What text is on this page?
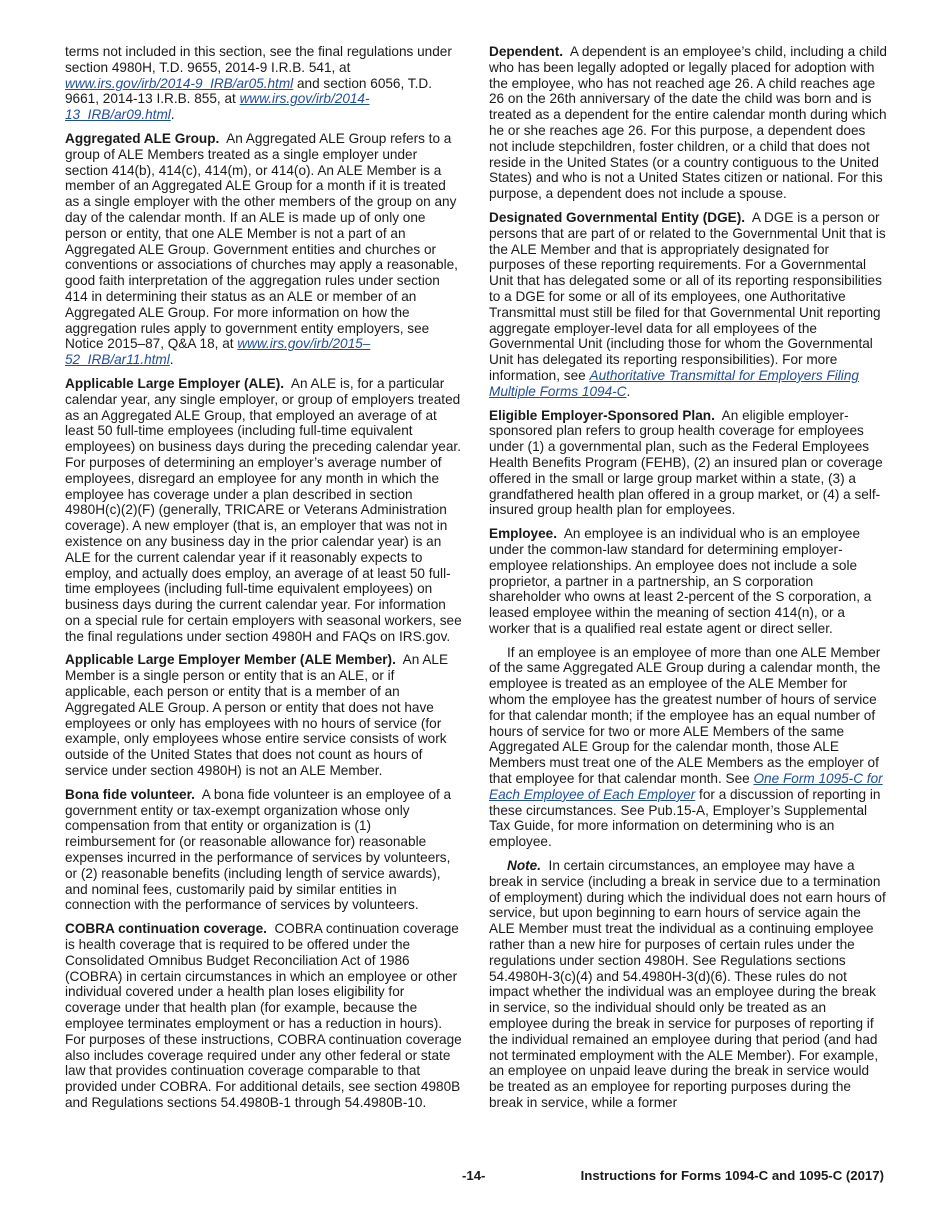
terms not included in this section, see the final regulations under section 4980H, T.D. 9655, 2014-9 I.R.B. 541, at www.irs.gov/irb/2014-9_IRB/ar05.html and section 6056, T.D. 9661, 2014-13 I.R.B. 855, at www.irs.gov/irb/2014-13_IRB/ar09.html.

Aggregated ALE Group. An Aggregated ALE Group refers to a group of ALE Members treated as a single employer under section 414(b), 414(c), 414(m), or 414(o). An ALE Member is a member of an Aggregated ALE Group for a month if it is treated as a single employer with the other members of the group on any day of the calendar month. If an ALE is made up of only one person or entity, that one ALE Member is not a part of an Aggregated ALE Group. Government entities and churches or conventions or associations of churches may apply a reasonable, good faith interpretation of the aggregation rules under section 414 in determining their status as an ALE or member of an Aggregated ALE Group. For more information on how the aggregation rules apply to government entity employers, see Notice 2015–87, Q&A 18, at www.irs.gov/irb/2015–52_IRB/ar11.html.

Applicable Large Employer (ALE). An ALE is, for a particular calendar year, any single employer, or group of employers treated as an Aggregated ALE Group, that employed an average of at least 50 full-time employees (including full-time equivalent employees) on business days during the preceding calendar year. For purposes of determining an employer’s average number of employees, disregard an employee for any month in which the employee has coverage under a plan described in section 4980H(c)(2)(F) (generally, TRICARE or Veterans Administration coverage). A new employer (that is, an employer that was not in existence on any business day in the prior calendar year) is an ALE for the current calendar year if it reasonably expects to employ, and actually does employ, an average of at least 50 full-time employees (including full-time equivalent employees) on business days during the current calendar year. For information on a special rule for certain employers with seasonal workers, see the final regulations under section 4980H and FAQs on IRS.gov.

Applicable Large Employer Member (ALE Member). An ALE Member is a single person or entity that is an ALE, or if applicable, each person or entity that is a member of an Aggregated ALE Group. A person or entity that does not have employees or only has employees with no hours of service (for example, only employees whose entire service consists of work outside of the United States that does not count as hours of service under section 4980H) is not an ALE Member.

Bona fide volunteer. A bona fide volunteer is an employee of a government entity or tax-exempt organization whose only compensation from that entity or organization is (1) reimbursement for (or reasonable allowance for) reasonable expenses incurred in the performance of services by volunteers, or (2) reasonable benefits (including length of service awards), and nominal fees, customarily paid by similar entities in connection with the performance of services by volunteers.

COBRA continuation coverage. COBRA continuation coverage is health coverage that is required to be offered under the Consolidated Omnibus Budget Reconciliation Act of 1986 (COBRA) in certain circumstances in which an employee or other individual covered under a health plan loses eligibility for coverage under that health plan (for example, because the employee terminates employment or has a reduction in hours). For purposes of these instructions, COBRA continuation coverage also includes coverage required under any other federal or state law that provides continuation coverage comparable to that provided under COBRA. For additional details, see section 4980B and Regulations sections 54.4980B-1 through 54.4980B-10.

Dependent. A dependent is an employee’s child, including a child who has been legally adopted or legally placed for adoption with the employee, who has not reached age 26. A child reaches age 26 on the 26th anniversary of the date the child was born and is treated as a dependent for the entire calendar month during which he or she reaches age 26. For this purpose, a dependent does not include stepchildren, foster children, or a child that does not reside in the United States (or a country contiguous to the United States) and who is not a United States citizen or national. For this purpose, a dependent does not include a spouse.

Designated Governmental Entity (DGE). A DGE is a person or persons that are part of or related to the Governmental Unit that is the ALE Member and that is appropriately designated for purposes of these reporting requirements. For a Governmental Unit that has delegated some or all of its reporting responsibilities to a DGE for some or all of its employees, one Authoritative Transmittal must still be filed for that Governmental Unit reporting aggregate employer-level data for all employees of the Governmental Unit (including those for whom the Governmental Unit has delegated its reporting responsibilities). For more information, see Authoritative Transmittal for Employers Filing Multiple Forms 1094-C.

Eligible Employer-Sponsored Plan. An eligible employer-sponsored plan refers to group health coverage for employees under (1) a governmental plan, such as the Federal Employees Health Benefits Program (FEHB), (2) an insured plan or coverage offered in the small or large group market within a state, (3) a grandfathered health plan offered in a group market, or (4) a self-insured group health plan for employees.

Employee. An employee is an individual who is an employee under the common-law standard for determining employer-employee relationships. An employee does not include a sole proprietor, a partner in a partnership, an S corporation shareholder who owns at least 2-percent of the S corporation, a leased employee within the meaning of section 414(n), or a worker that is a qualified real estate agent or direct seller.

If an employee is an employee of more than one ALE Member of the same Aggregated ALE Group during a calendar month, the employee is treated as an employee of the ALE Member for whom the employee has the greatest number of hours of service for that calendar month; if the employee has an equal number of hours of service for two or more ALE Members of the same Aggregated ALE Group for the calendar month, those ALE Members must treat one of the ALE Members as the employer of that employee for that calendar month. See One Form 1095-C for Each Employee of Each Employer for a discussion of reporting in these circumstances. See Pub.15-A, Employer’s Supplemental Tax Guide, for more information on determining who is an employee.

Note. In certain circumstances, an employee may have a break in service (including a break in service due to a termination of employment) during which the individual does not earn hours of service, but upon beginning to earn hours of service again the ALE Member must treat the individual as a continuing employee rather than a new hire for purposes of certain rules under the regulations under section 4980H. See Regulations sections 54.4980H-3(c)(4) and 54.4980H-3(d)(6). These rules do not impact whether the individual was an employee during the break in service, so the individual should only be treated as an employee during the break in service for purposes of reporting if the individual remained an employee during that period (and had not terminated employment with the ALE Member). For example, an employee on unpaid leave during the break in service would be treated as an employee for reporting purposes during the break in service, while a former

-14-	Instructions for Forms 1094-C and 1095-C (2017)
